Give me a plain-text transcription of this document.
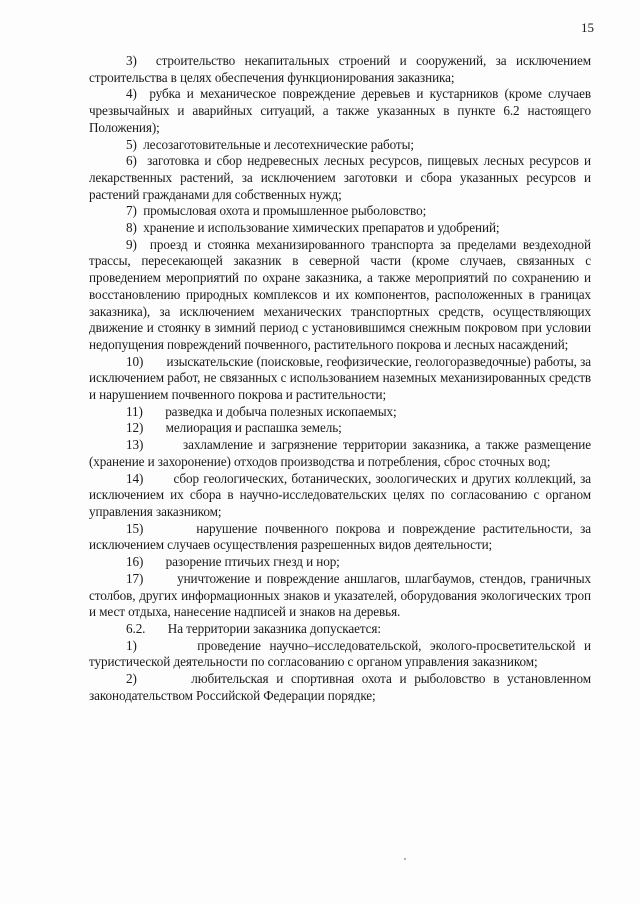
15

3) строительство некапитальных строений и сооружений, за исключением строительства в целях обеспечения функционирования заказника;

4) рубка и механическое повреждение деревьев и кустарников (кроме случаев чрезвычайных и аварийных ситуаций, а также указанных в пункте 6.2 настоящего Положения);

5) лесозаготовительные и лесотехнические работы;

6) заготовка и сбор недревесных лесных ресурсов, пищевых лесных ресурсов и лекарственных растений, за исключением заготовки и сбора указанных ресурсов и растений гражданами для собственных нужд;

7) промысловая охота и промышленное рыболовство;

8) хранение и использование химических препаратов и удобрений;

9) проезд и стоянка механизированного транспорта за пределами вездеходной трассы, пересекающей заказник в северной части (кроме случаев, связанных с проведением мероприятий по охране заказника, а также мероприятий по сохранению и восстановлению природных комплексов и их компонентов, расположенных в границах заказника), за исключением механических транспортных средств, осуществляющих движение и стоянку в зимний период с установившимся снежным покровом при условии недопущения повреждений почвенного, растительного покрова и лесных насаждений;

10) изыскательские (поисковые, геофизические, геологоразведочные) работы, за исключением работ, не связанных с использованием наземных механизированных средств и нарушением почвенного покрова и растительности;

11) разведка и добыча полезных ископаемых;

12) мелиорация и распашка земель;

13)	захламление и загрязнение территории заказника, а также размещение (хранение и захоронение) отходов производства и потребления, сброс сточных вод;

14) сбор геологических, ботанических, зоологических и других коллекций, за исключением их сбора в научно-исследовательских целях по согласованию с органом управления заказником;

15)	нарушение почвенного покрова и повреждение растительности, за исключением случаев осуществления разрешенных видов деятельности;

16) разорение птичьих гнезд и нор;

17)	уничтожение и повреждение аншлагов, шлагбаумов, стендов, граничных столбов, других информационных знаков и указателей, оборудования экологических троп и мест отдыха, нанесение надписей и знаков на деревья.

6.2. На территории заказника допускается:

1)	проведение научно–исследовательской, эколого-просветительской и туристической деятельности по согласованию с органом управления заказником;

2)	любительская и спортивная охота и рыболовство в установленном законодательством Российской Федерации порядке;
